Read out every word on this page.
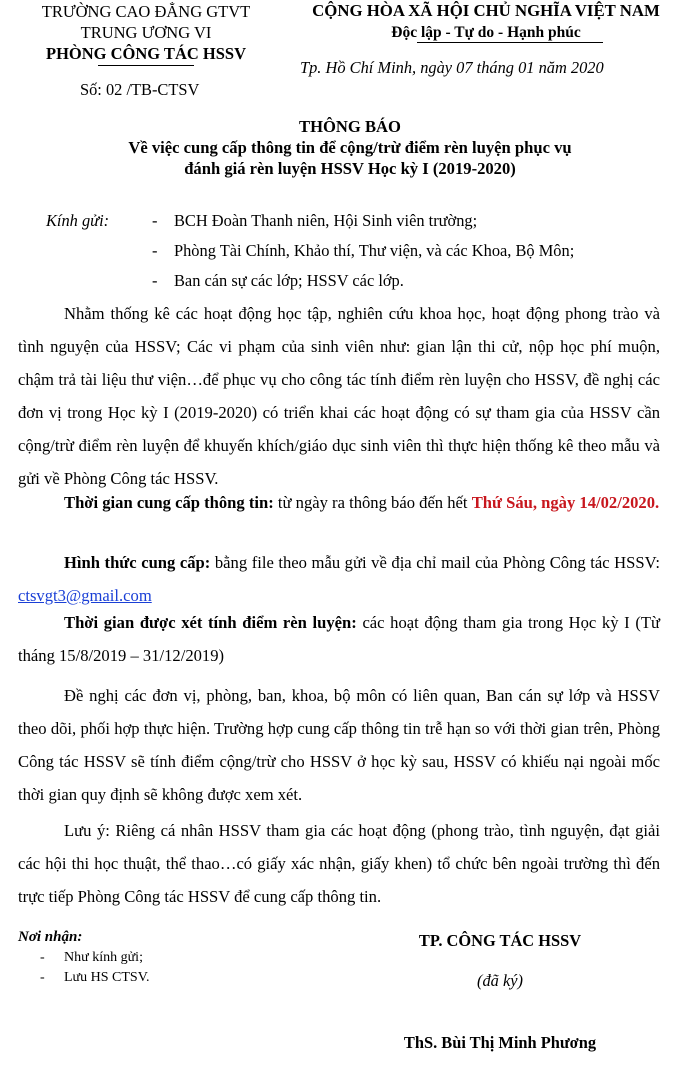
TRƯỜNG CAO ĐẲNG GTVT
TRUNG ƯƠNG VI
PHÒNG CÔNG TÁC HSSV
Số: 02 /TB-CTSV
CỘNG HÒA XÃ HỘI CHỦ NGHĨA VIỆT NAM
Độc lập - Tự do - Hạnh phúc
Tp. Hồ Chí Minh, ngày 07 tháng 01 năm 2020
THÔNG BÁO
Về việc cung cấp thông tin để cộng/trừ điểm rèn luyện phục vụ
đánh giá rèn luyện HSSV Học kỳ I (2019-2020)
Kính gửi:	- BCH Đoàn Thanh niên, Hội Sinh viên trường;
- Phòng Tài Chính, Khảo thí, Thư viện, và các Khoa, Bộ Môn;
- Ban cán sự các lớp; HSSV các lớp.
Nhằm thống kê các hoạt động học tập, nghiên cứu khoa học, hoạt động phong trào và tình nguyện của HSSV; Các vi phạm của sinh viên như: gian lận thi cử, nộp học phí muộn, chậm trả tài liệu thư viện…để phục vụ cho công tác tính điểm rèn luyện cho HSSV, đề nghị các đơn vị trong Học kỳ I (2019-2020) có triển khai các hoạt động có sự tham gia của HSSV cần cộng/trừ điểm rèn luyện để khuyến khích/giáo dục sinh viên thì thực hiện thống kê theo mẫu và gửi về Phòng Công tác HSSV.
Thời gian cung cấp thông tin: từ ngày ra thông báo đến hết Thứ Sáu, ngày 14/02/2020.
Hình thức cung cấp: bằng file theo mẫu gửi về địa chỉ mail của Phòng Công tác HSSV: ctsvgt3@gmail.com
Thời gian được xét tính điểm rèn luyện: các hoạt động tham gia trong Học kỳ I (Từ tháng 15/8/2019 – 31/12/2019)
Đề nghị các đơn vị, phòng, ban, khoa, bộ môn có liên quan, Ban cán sự lớp và HSSV theo dõi, phối hợp thực hiện. Trường hợp cung cấp thông tin trễ hạn so với thời gian trên, Phòng Công tác HSSV sẽ tính điểm cộng/trừ cho HSSV ở học kỳ sau, HSSV có khiếu nại ngoài mốc thời gian quy định sẽ không được xem xét.
Lưu ý: Riêng cá nhân HSSV tham gia các hoạt động (phong trào, tình nguyện, đạt giải các hội thi học thuật, thể thao…có giấy xác nhận, giấy khen) tổ chức bên ngoài trường thì đến trực tiếp Phòng Công tác HSSV để cung cấp thông tin.
Nơi nhận:
- Như kính gửi;
- Lưu HS CTSV.
TP. CÔNG TÁC HSSV
(đã ký)
ThS. Bùi Thị Minh Phương
